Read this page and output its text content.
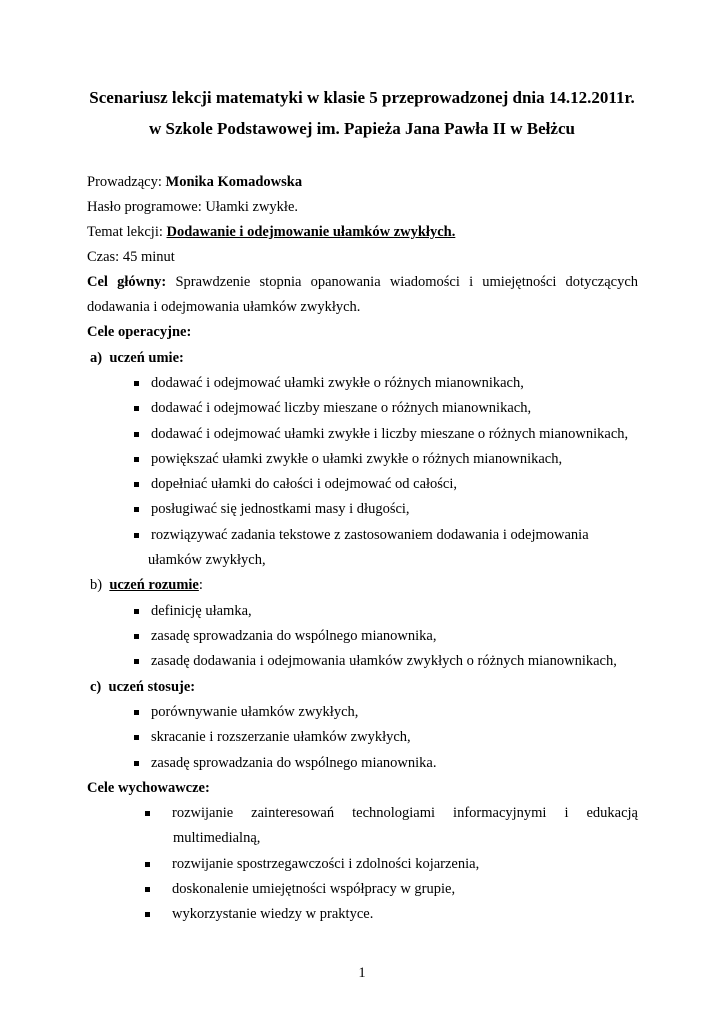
Scenariusz lekcji matematyki w klasie 5 przeprowadzonej dnia 14.12.2011r.
w Szkole Podstawowej im. Papieża Jana Pawła II w Bełżcu
Prowadzący: Monika Komadowska
Hasło programowe: Ułamki zwykłe.
Temat lekcji: Dodawanie i odejmowanie ułamków zwykłych.
Czas: 45 minut
Cel główny: Sprawdzenie stopnia opanowania wiadomości i umiejętności dotyczących
dodawania i odejmowania ułamków zwykłych.
Cele operacyjne:
a) uczeń umie:
dodawać i odejmować ułamki zwykłe o różnych mianownikach,
dodawać i odejmować liczby mieszane o różnych mianownikach,
dodawać i odejmować ułamki zwykłe i liczby mieszane o różnych mianownikach,
powiększać ułamki zwykłe o ułamki zwykłe o różnych mianownikach,
dopełniać ułamki do całości i odejmować od całości,
posługiwać się jednostkami masy i długości,
rozwiązywać zadania tekstowe z zastosowaniem dodawania i odejmowania
ułamków zwykłych,
b) uczeń rozumie:
definicję ułamka,
zasadę sprowadzania do wspólnego mianownika,
zasadę dodawania i odejmowania ułamków zwykłych o różnych mianownikach,
c) uczeń stosuje:
porównywanie ułamków zwykłych,
skracanie i rozszerzanie ułamków zwykłych,
zasadę sprowadzania do wspólnego mianownika.
Cele wychowawcze:
rozwijanie zainteresowań technologiami informacyjnymi i edukacją
multimedialną,
rozwijanie spostrzegawczości i zdolności kojarzenia,
doskonalenie umiejętności współpracy w grupie,
wykorzystanie wiedzy w praktyce.
1
